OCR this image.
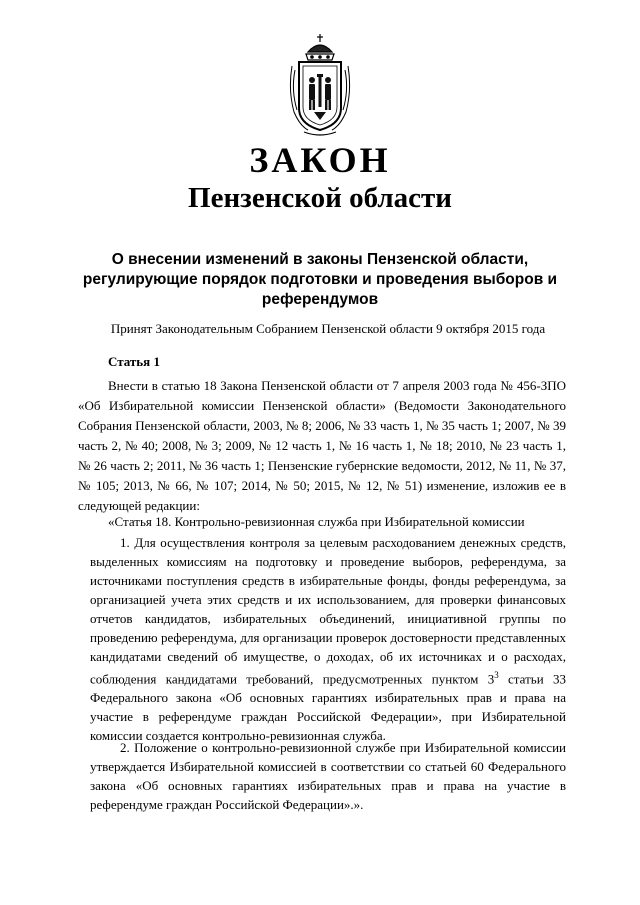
ЗАКОН
Пензенской области
О внесении изменений в законы Пензенской области, регулирующие порядок подготовки и проведения выборов и референдумов
Принят Законодательным Собранием Пензенской области 9 октября 2015 года
Статья 1

Внести в статью 18 Закона Пензенской области от 7 апреля 2003 года № 456-ЗПО «Об Избирательной комиссии Пензенской области» (Ведомости Законодательного Собрания Пензенской области, 2003, № 8; 2006, № 33 часть 1, № 35 часть 1; 2007, № 39 часть 2, № 40; 2008, № 3; 2009, № 12 часть 1, № 16 часть 1, № 18; 2010, № 23 часть 1, № 26 часть 2; 2011, № 36 часть 1; Пензенские губернские ведомости, 2012, № 11, № 37, № 105; 2013, № 66, № 107; 2014, № 50; 2015, № 12, № 51) изменение, изложив ее в следующей редакции:

«Статья 18. Контрольно-ревизионная служба при Избирательной комиссии

1. Для осуществления контроля за целевым расходованием денежных средств, выделенных комиссиям на подготовку и проведение выборов, референдума, за источниками поступления средств в избирательные фонды, фонды референдума, за организацией учета этих средств и их использованием, для проверки финансовых отчетов кандидатов, избирательных объединений, инициативной группы по проведению референдума, для организации проверок достоверности представленных кандидатами сведений об имуществе, о доходах, об их источниках и о расходах, соблюдения кандидатами требований, предусмотренных пунктом $3^3$ статьи 33 Федерального закона «Об основных гарантиях избирательных прав и права на участие в референдуме граждан Российской Федерации», при Избирательной комиссии создается контрольно-ревизионная служба.

2. Положение о контрольно-ревизионной службе при Избирательной комиссии утверждается Избирательной комиссией в соответствии со статьей 60 Федерального закона «Об основных гарантиях избирательных прав и права на участие в референдуме граждан Российской Федерации».».
